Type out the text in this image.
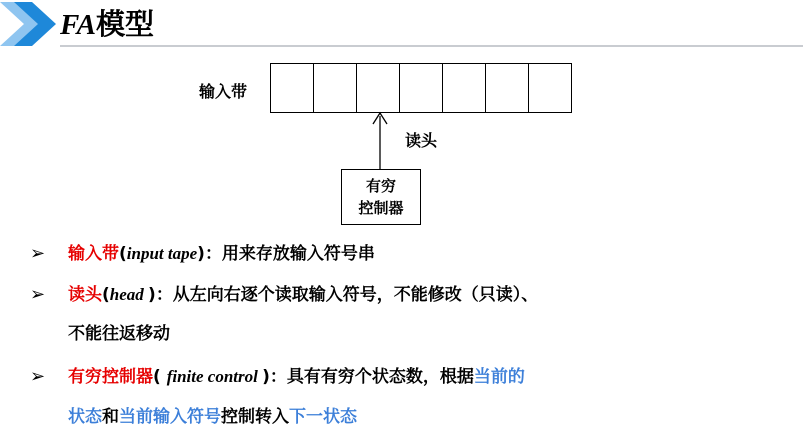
FA模型
输入带
读头
有穷
控制器
➢ 输入带(input tape)：用来存放输入符号串
➢ 读头(head )：从左向右逐个读取输入符号，不能修改（只读）、
不能往返移动
➢ 有穷控制器( finite control )：具有有穷个状态数，根据当前的
状态和当前输入符号控制转入下一状态
